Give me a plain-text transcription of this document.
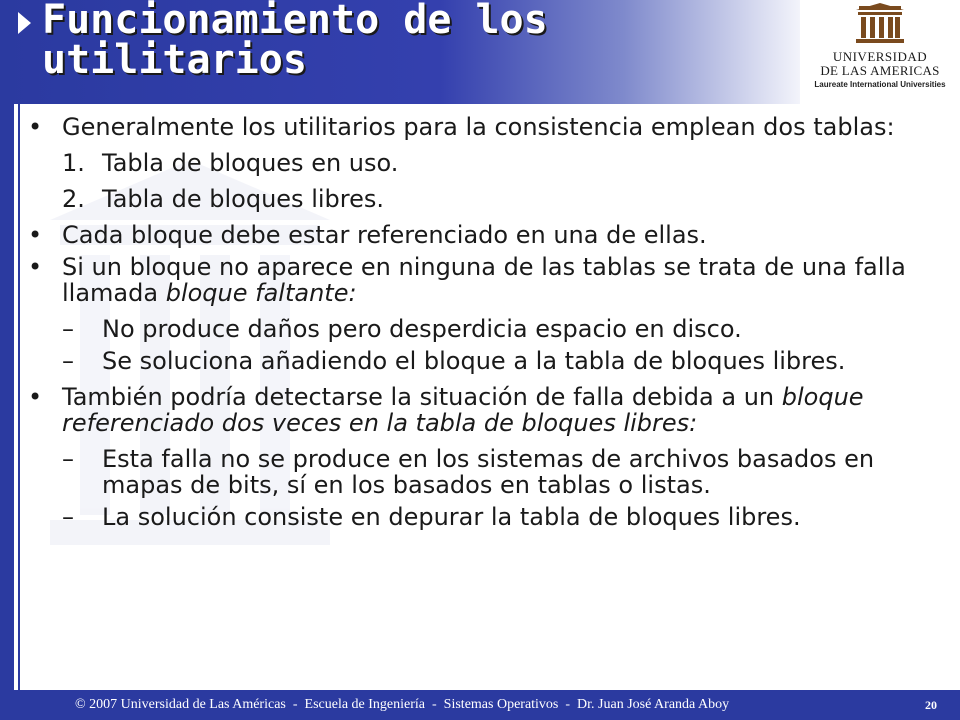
Funcionamiento de los utilitarios	UNIVERSIDAD

DE LAS AMERICAS

Laureate International Universities

• Generalmente los utilitarios para la consistencia emplean dos tablas:
1. Tabla de bloques en uso.
2. Tabla de bloques libres.
• Cada bloque debe estar referenciado en una de ellas.
• Si un bloque no aparece en ninguna de las tablas se trata de una falla llamada bloque faltante:
– No produce daños pero desperdicia espacio en disco.
– Se soluciona añadiendo el bloque a la tabla de bloques libres.
• También podría detectarse la situación de falla debida a un bloque referenciado dos veces en la tabla de bloques libres:
– Esta falla no se produce en los sistemas de archivos basados en mapas de bits, sí en los basados en tablas o listas.
– La solución consiste en depurar la tabla de bloques libres.

© 2007 Universidad de Las Américas  -  Escuela de Ingeniería  -  Sistemas Operativos  -  Dr. Juan José Aranda Aboy	20
